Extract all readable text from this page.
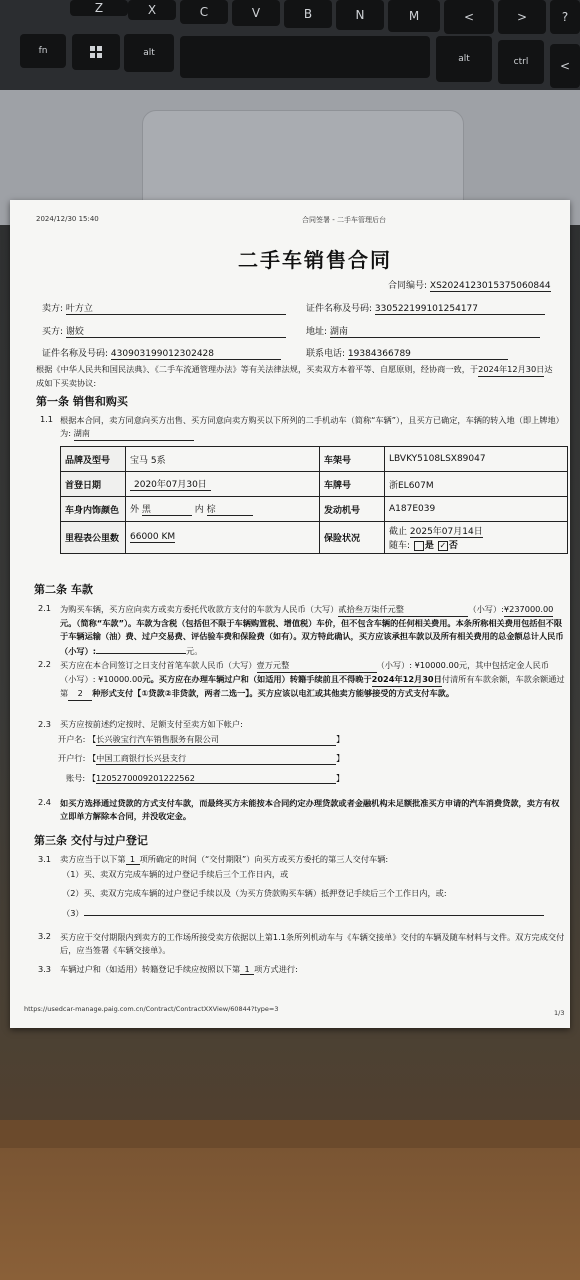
Z	X	C	V	B	N	M	<	>	?
fn	alt
alt	ctrl	<
2024/12/30 15:40	合同签署 - 二手车管理后台
二手车销售合同
合同编号: XS2024123015375060844
卖方: 叶方立	证件名称及号码: 330522199101254177
买方: 谢姣	地址: 湖南
证件名称及号码: 430903199012302428	联系电话: 19384366789
根据《中华人民共和国民法典》、《二手车流通管理办法》等有关法律法规，买卖双方本着平等、自愿原则，经协商一致，于2024年12月30日达成如下买卖协议:
第一条 销售和购买
1.1 根据本合同，卖方同意向买方出售、买方同意向卖方购买以下所列的二手机动车（简称“车辆”），且买方已确定，车辆的转入地（即上牌地）为: 湖南
品牌及型号	宝马 5系	车架号	LBVKY5108LSX89047
首登日期	2020年07月30日	车牌号	浙EL607M
车身内饰颜色	外 黑 内 棕	发动机号	A187E039
里程表公里数	66000 KM	保险状况	截止 2025年07月14日
随车: 是 ✓ 否
第二条 车款
2.1 为购买车辆，买方应向卖方或卖方委托代收款方支付的车款为人民币（大写）贰拾叁万柒仟元整	（小写）:¥237000.00元。（简称“车款”）。车款为含税（包括但不限于车辆购置税、增值税）车价，但不包含车辆的任何相关费用。本条所称相关费用包括但不限于车辆运输（油）费、过户交易费、评估验车费和保险费（如有）。双方特此确认，买方应该承担车款以及所有相关费用的总金额总计人民币（小写）:	元。
2.2 买方应在本合同签订之日支付首笔车款人民币（大写）壹万元整	（小写）: ¥10000.00元，其中包括定金人民币（小写）: ¥10000.00元。买方应在办理车辆过户和（如适用）转籍手续前且不得晚于2024年12月30日付清所有车款余额，车款余额通过第 2 种形式支付【①贷款②非贷款，两者二选一】。买方应该以电汇或其他卖方能够接受的方式支付车款。
2.3 买方应按前述约定按时、足额支付至卖方如下帐户:
开户名: 【长兴骏宝行汽车销售服务有限公司	】
开户行: 【中国工商银行长兴县支行	】
账号: 【1205270009201222562	】
2.4 如买方选择通过贷款的方式支付车款，而最终买方未能按本合同约定办理贷款或者金融机构未足额批准买方申请的汽车消费贷款，卖方有权立即单方解除本合同，并没收定金。
第三条 交付与过户登记
3.1 卖方应当于以下第 1 项所确定的时间（“交付期限”）向买方或买方委托的第三人交付车辆:
（1）买、卖双方完成车辆的过户登记手续后三个工作日内，或
（2）买、卖双方完成车辆的过户登记手续以及（为买方贷款购买车辆）抵押登记手续后三个工作日内，或:
（3）
3.2 买方应于交付期限内到卖方的工作场所接受卖方依据以上第1.1条所列机动车与《车辆交接单》交付的车辆及随车材料与文件。双方完成交付后，应当签署《车辆交接单》。
3.3 车辆过户和（如适用）转籍登记手续应按照以下第 1 项方式进行:
https://usedcar-manage.paig.com.cn/Contract/ContractXXView/60844?type=3	1/3
